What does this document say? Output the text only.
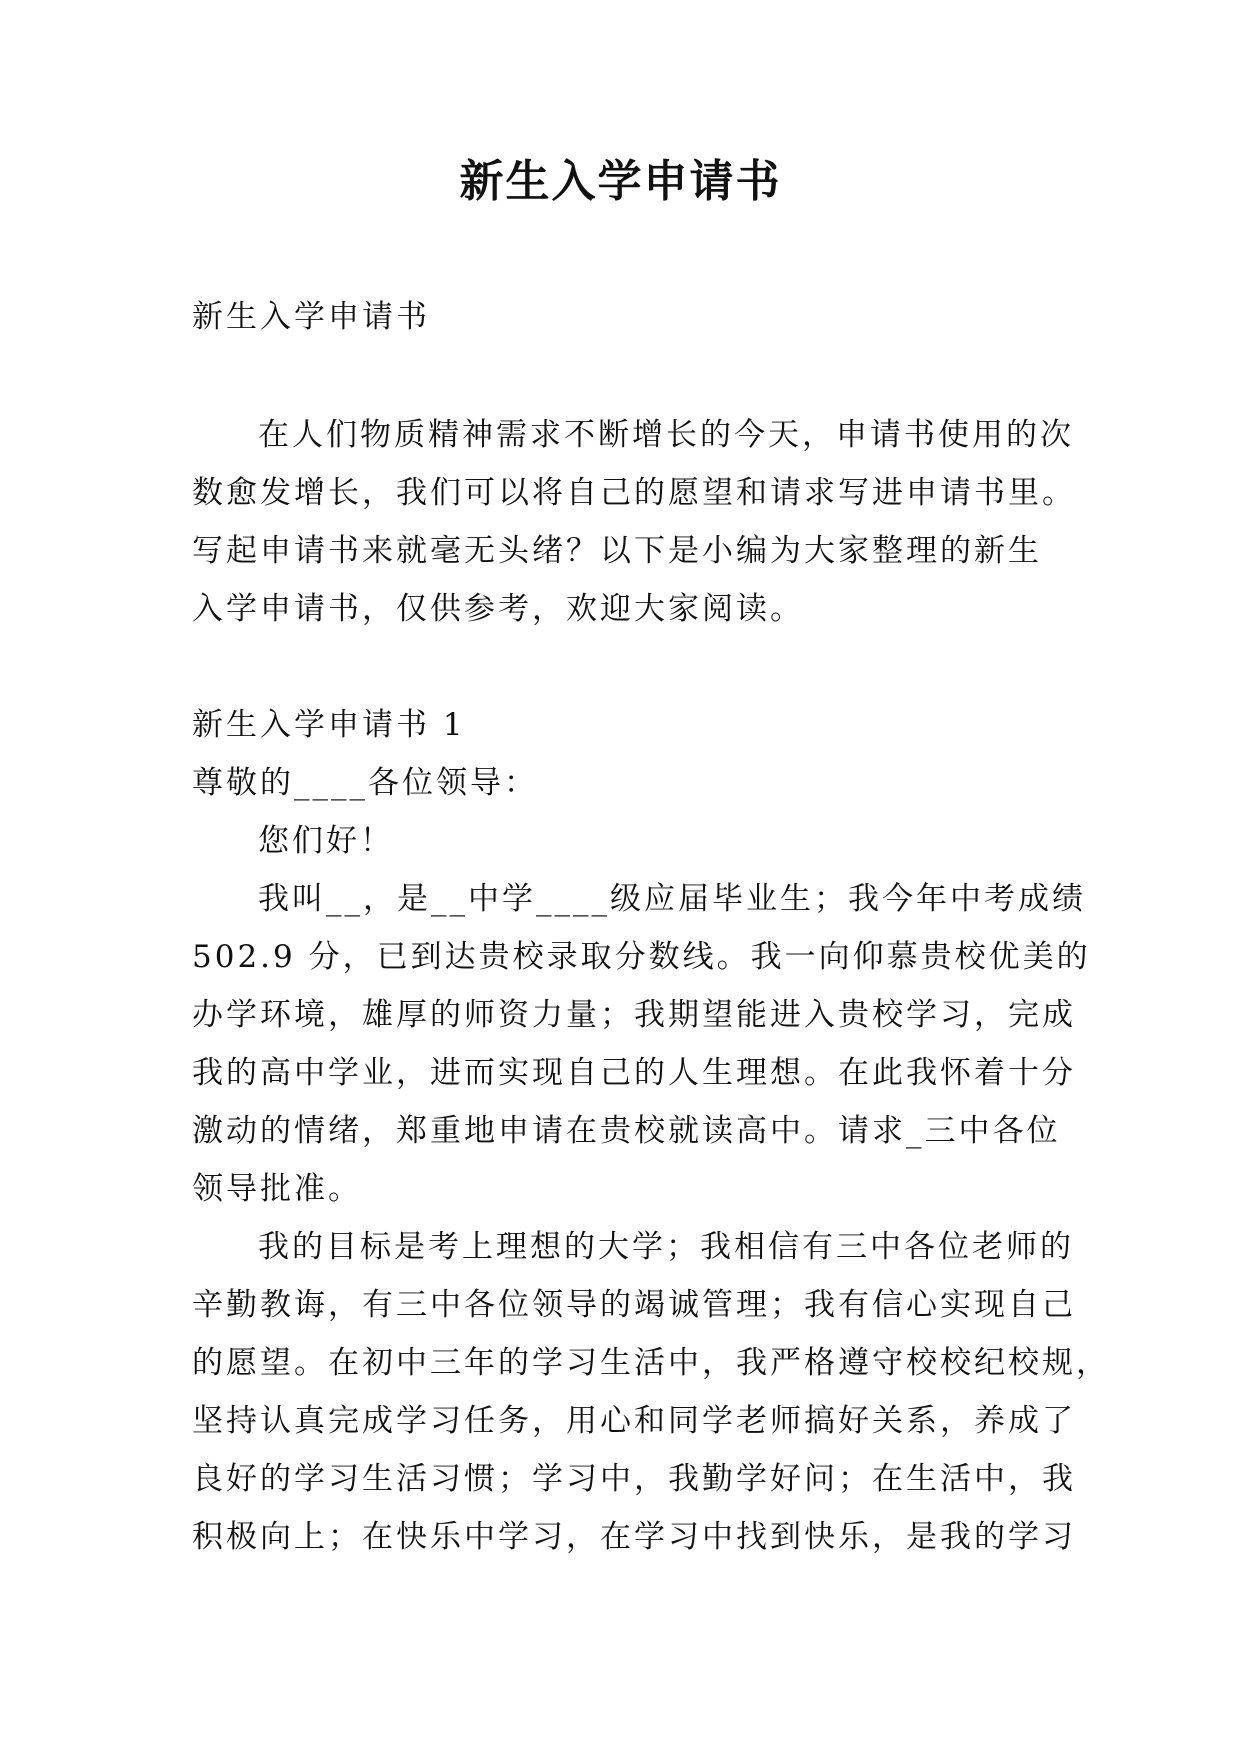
新生入学申请书
新生入学申请书
在人们物质精神需求不断增长的今天，申请书使用的次
数愈发增长，我们可以将自己的愿望和请求写进申请书里。
写起申请书来就毫无头绪？以下是小编为大家整理的新生
入学申请书，仅供参考，欢迎大家阅读。
新生入学申请书 1
尊敬的____各位领导：
您们好！
我叫__，是__中学____级应届毕业生；我今年中考成绩
502.9 分，已到达贵校录取分数线。我一向仰慕贵校优美的
办学环境，雄厚的师资力量；我期望能进入贵校学习，完成
我的高中学业，进而实现自己的人生理想。在此我怀着十分
激动的情绪，郑重地申请在贵校就读高中。请求_三中各位
领导批准。
我的目标是考上理想的大学；我相信有三中各位老师的
辛勤教诲，有三中各位领导的竭诚管理；我有信心实现自己
的愿望。在初中三年的学习生活中，我严格遵守校校纪校规，
坚持认真完成学习任务，用心和同学老师搞好关系，养成了
良好的学习生活习惯；学习中，我勤学好问；在生活中，我
积极向上；在快乐中学习，在学习中找到快乐，是我的学习
